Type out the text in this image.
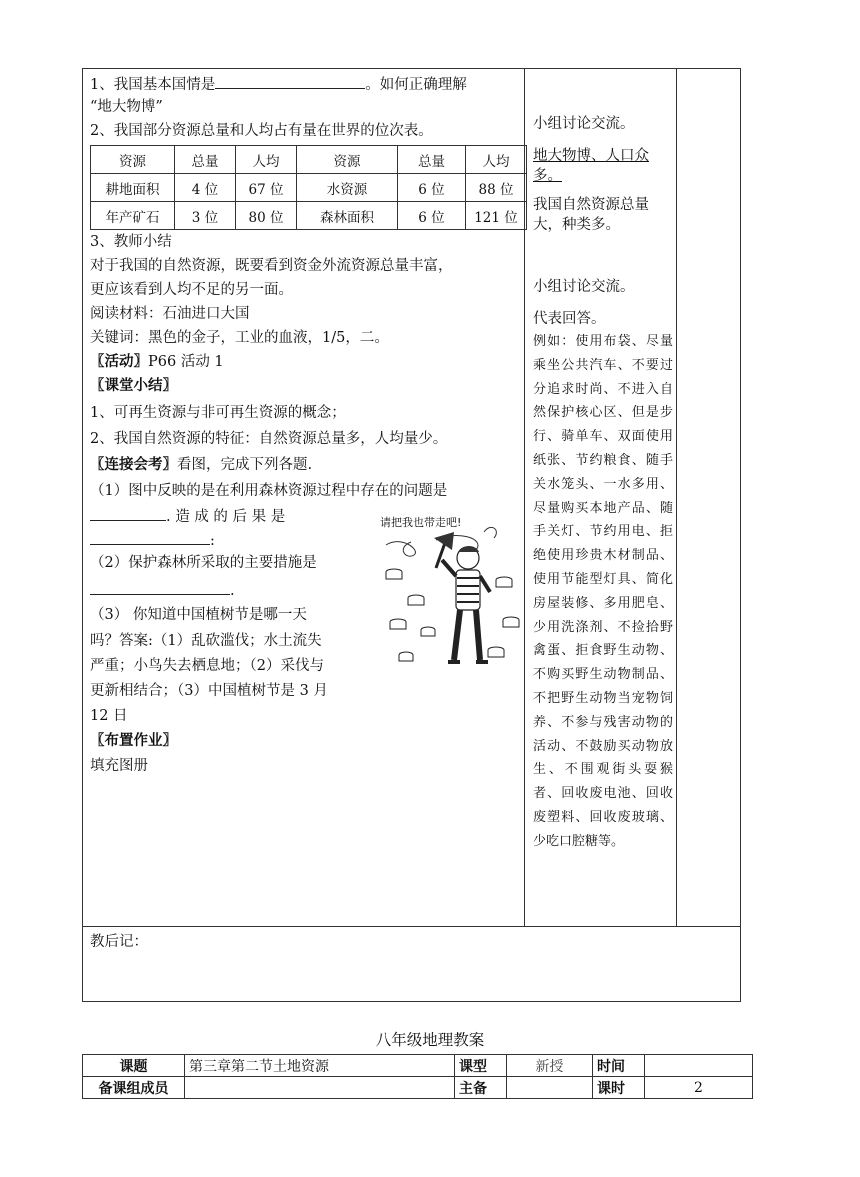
1、我国基本国情是	。如何正确理解
“地大物博”
2、我国部分资源总量和人均占有量在世界的位次表。
资源	总量	人均	资源	总量	人均
耕地面积	4 位	67 位	水资源	6 位	88 位
年产矿石	3 位	80 位	森林面积	6 位	121 位
3、教师小结
对于我国的自然资源，既要看到资金外流资源总量丰富，
更应该看到人均不足的另一面。
阅读材料：石油进口大国
关键词：黑色的金子，工业的血液，1/5，二。
〖活动〗P66 活动 1
〖课堂小结〗
1、可再生资源与非可再生资源的概念；
2、我国自然资源的特征：自然资源总量多，人均量少。
〖连接会考〗看图，完成下列各题.
（1）图中反映的是在利用森林资源过程中存在的问题是
. 造 成 的 后 果 是
:
（2）保护森林所采取的主要措施是
.
（3） 你知道中国植树节是哪一天
吗？答案:（1）乱砍滥伐；水土流失
严重；小鸟失去栖息地；（2）采伐与
更新相结合；（3）中国植树节是 3 月
12 日
〖布置作业〗
填充图册
请把我也带走吧!
小组讨论交流。
地大物博、人口众多。
我国自然资源总量大，种类多。
小组讨论交流。
代表回答。
例如：使用布袋、尽量乘坐公共汽车、不要过分追求时尚、不进入自然保护核心区、但是步行、骑单车、双面使用纸张、节约粮食、随手关水笼头、一水多用、尽量购买本地产品、随手关灯、节约用电、拒绝使用珍贵木材制品、使用节能型灯具、简化房屋装修、多用肥皂、少用洗涤剂、不捡拾野禽蛋、拒食野生动物、不购买野生动物制品、不把野生动物当宠物饲养、不参与残害动物的活动、不鼓励买动物放生、不围观街头耍猴者、回收废电池、回收废塑料、回收废玻璃、少吃口腔糖等。
教后记：
八年级地理教案
课题	第三章第二节土地资源	课型	新授	时间	
备课组成员		主备		课时	2
